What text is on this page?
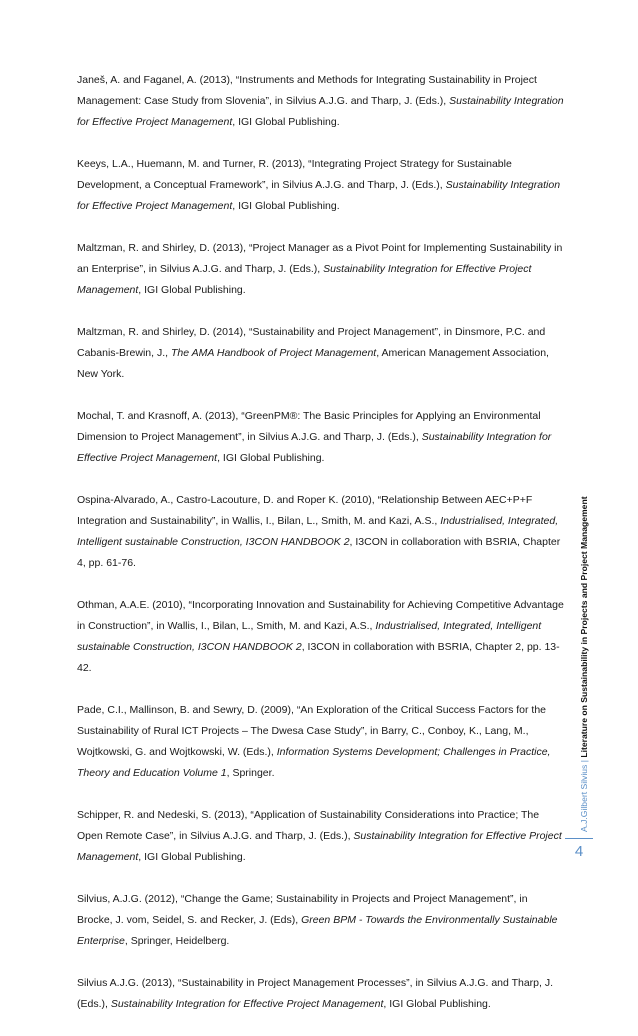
Janeš, A. and Faganel, A. (2013), “Instruments and Methods for Integrating Sustainability in Project Management: Case Study from Slovenia”, in Silvius A.J.G. and Tharp, J. (Eds.), Sustainability Integration for Effective Project Management, IGI Global Publishing.

Keeys, L.A., Huemann, M. and Turner, R. (2013), “Integrating Project Strategy for Sustainable Development, a Conceptual Framework”, in Silvius A.J.G. and Tharp, J. (Eds.), Sustainability Integration for Effective Project Management, IGI Global Publishing.

Maltzman, R. and Shirley, D. (2013), “Project Manager as a Pivot Point for Implementing Sustainability in an Enterprise”, in Silvius A.J.G. and Tharp, J. (Eds.), Sustainability Integration for Effective Project Management, IGI Global Publishing.

Maltzman, R. and Shirley, D. (2014), “Sustainability and Project Management”, in Dinsmore, P.C. and Cabanis-Brewin, J., The AMA Handbook of Project Management, American Management Association, New York.

Mochal, T. and Krasnoff, A. (2013), “GreenPM®: The Basic Principles for Applying an Environmental Dimension to Project Management”, in Silvius A.J.G. and Tharp, J. (Eds.), Sustainability Integration for Effective Project Management, IGI Global Publishing.

Ospina-Alvarado, A., Castro-Lacouture, D. and Roper K. (2010), “Relationship Between AEC+P+F Integration and Sustainability”, in Wallis, I., Bilan, L., Smith, M. and Kazi, A.S., Industrialised, Integrated, Intelligent sustainable Construction, I3CON HANDBOOK 2, I3CON in collaboration with BSRIA, Chapter 4, pp. 61-76.

Othman, A.A.E. (2010), “Incorporating Innovation and Sustainability for Achieving Competitive Advantage in Construction”, in Wallis, I., Bilan, L., Smith, M. and Kazi, A.S., Industrialised, Integrated, Intelligent sustainable Construction, I3CON HANDBOOK 2, I3CON in collaboration with BSRIA, Chapter 2, pp. 13-42.

Pade, C.I., Mallinson, B. and Sewry, D. (2009), “An Exploration of the Critical Success Factors for the Sustainability of Rural ICT Projects – The Dwesa Case Study”, in Barry, C., Conboy, K., Lang, M., Wojtkowski, G. and Wojtkowski, W. (Eds.), Information Systems Development; Challenges in Practice, Theory and Education Volume 1, Springer.

Schipper, R. and Nedeski, S. (2013), “Application of Sustainability Considerations into Practice; The Open Remote Case”, in Silvius A.J.G. and Tharp, J. (Eds.), Sustainability Integration for Effective Project Management, IGI Global Publishing.

Silvius, A.J.G. (2012), “Change the Game; Sustainability in Projects and Project Management”, in Brocke, J. vom, Seidel, S. and Recker, J. (Eds), Green BPM - Towards the Environmentally Sustainable Enterprise, Springer, Heidelberg.

Silvius A.J.G. (2013), “Sustainability in Project Management Processes”, in Silvius A.J.G. and Tharp, J. (Eds.), Sustainability Integration for Effective Project Management, IGI Global Publishing.

A.J.Gilbert Silvius | Literature on Sustainability in Projects and Project Management
4
